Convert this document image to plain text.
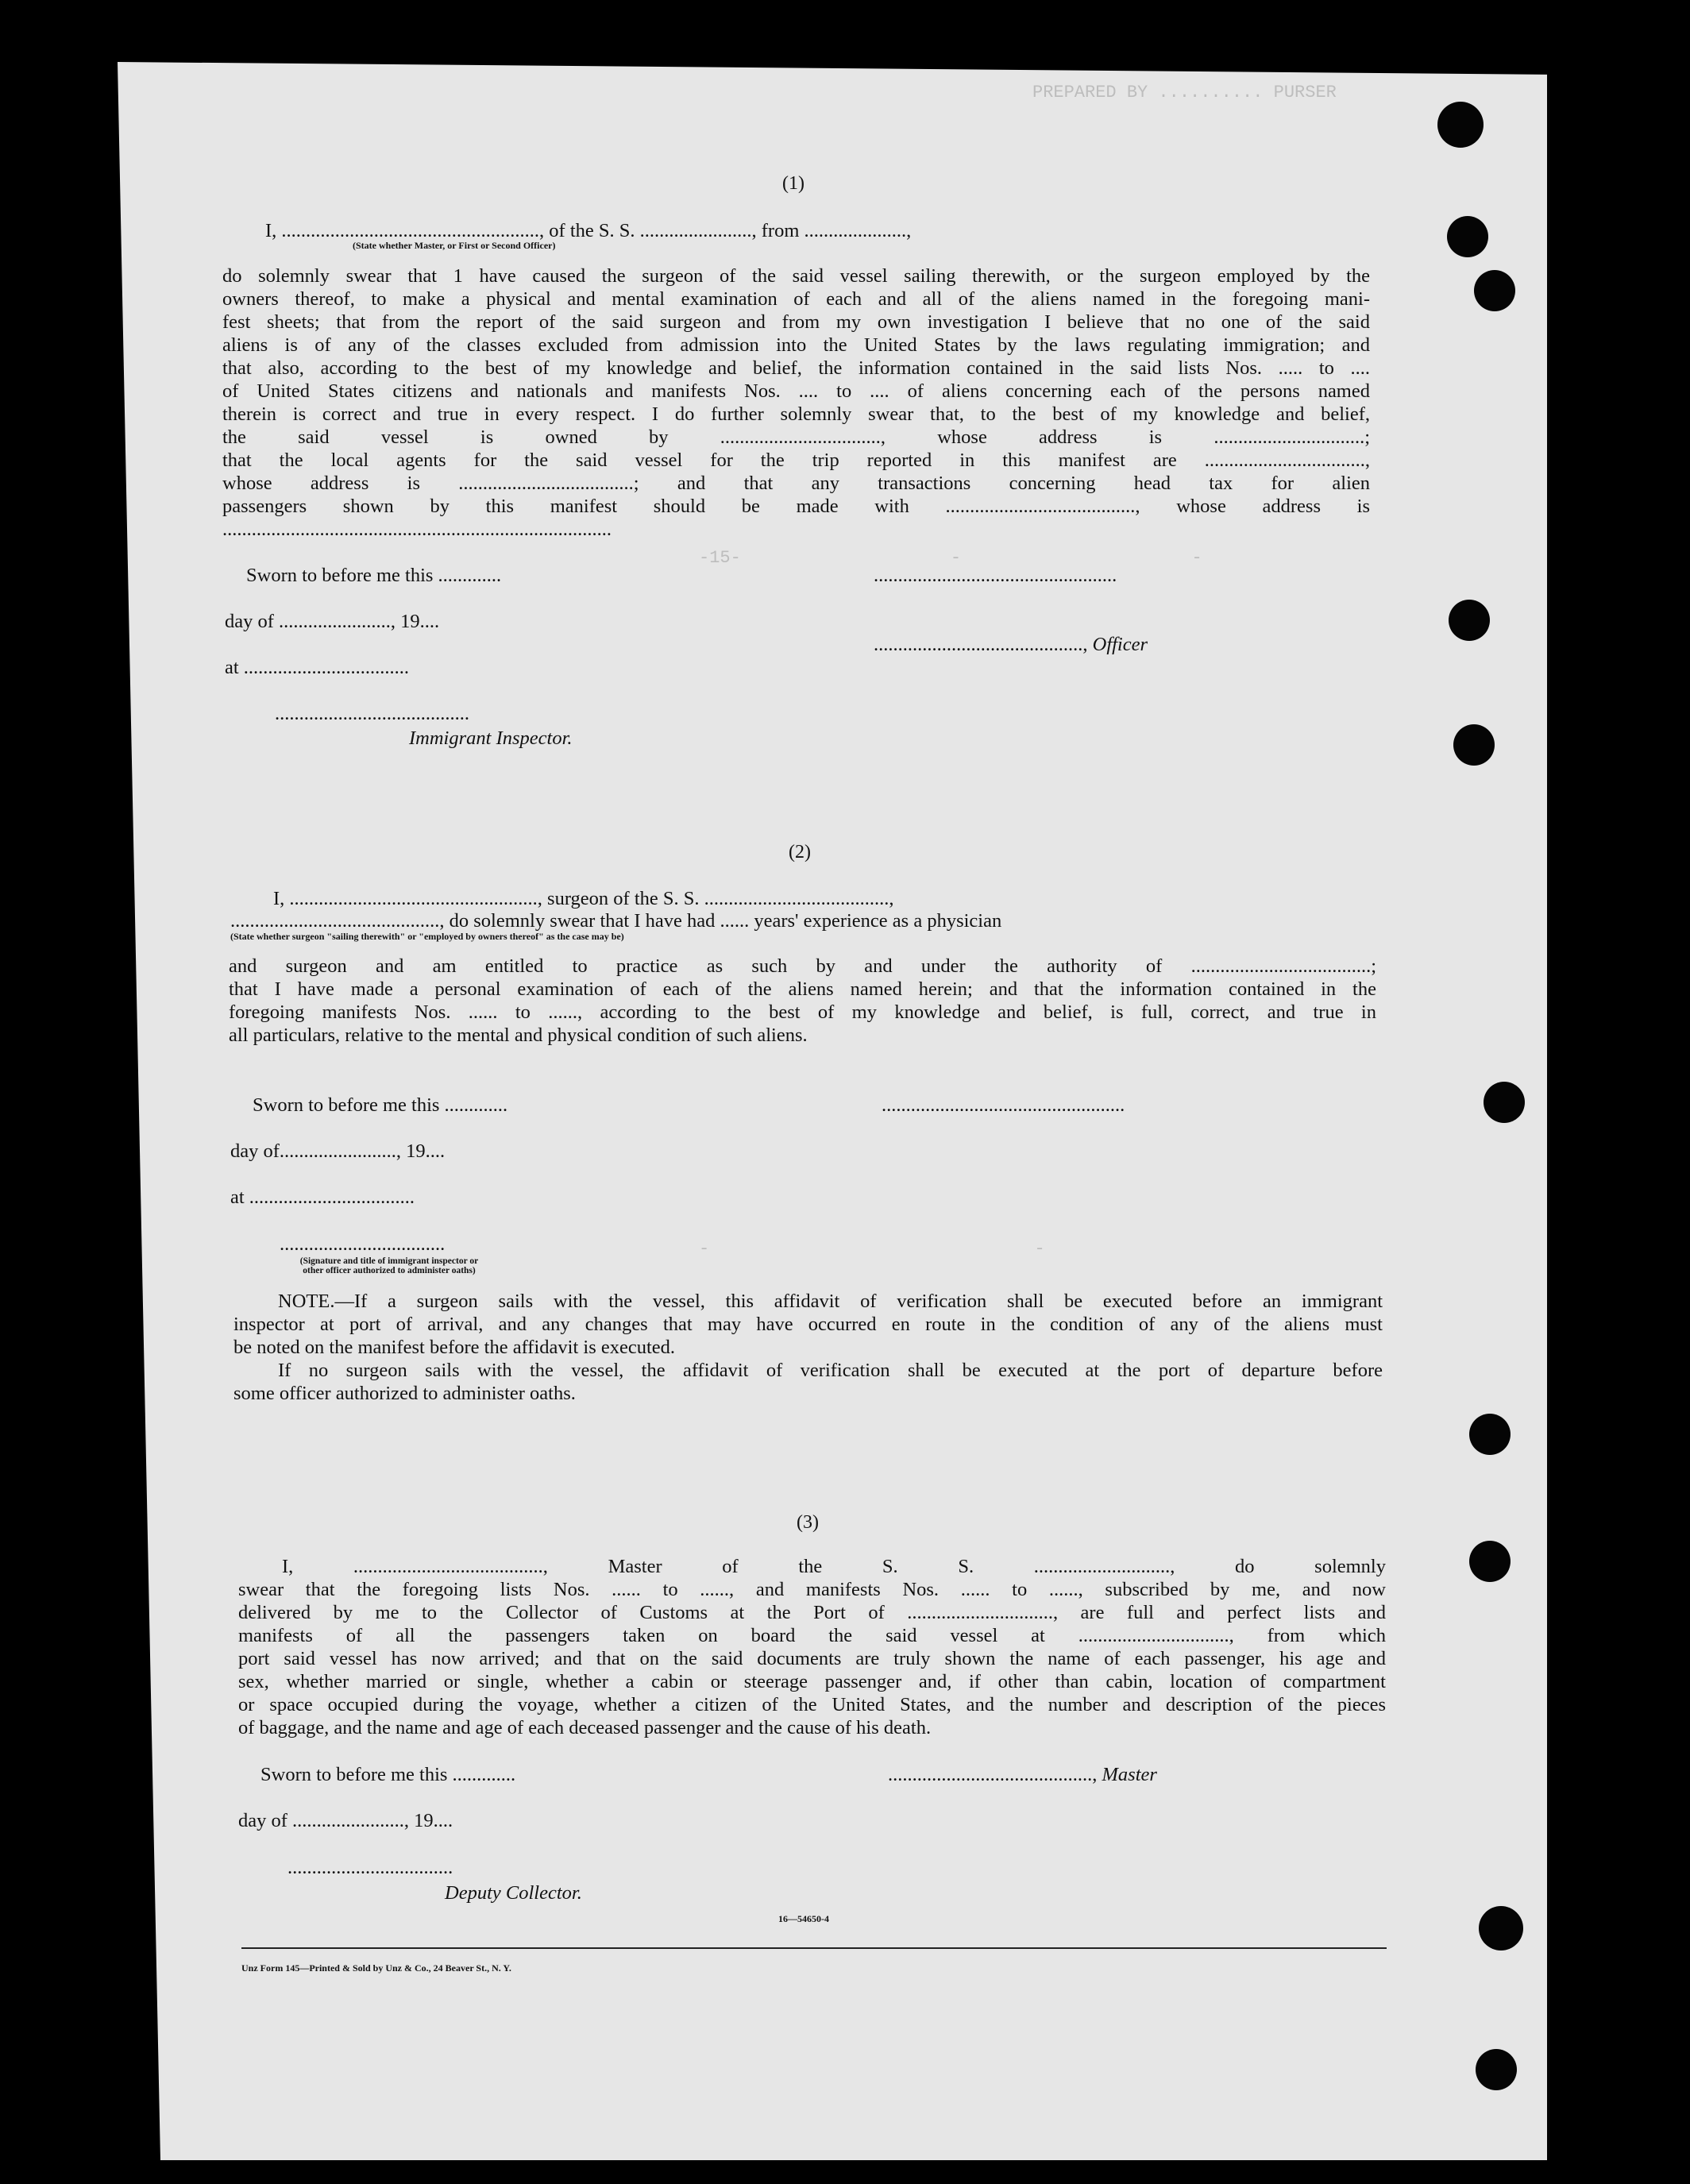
PREPARED BY .......... PURSER
-15-                    -                      -
-                               -

(1)
I, ....................................................., of the S. S. ......................., from .....................,
(State whether Master, or First or Second Officer)
do solemnly swear that 1 have caused the surgeon of the said vessel sailing therewith, or the surgeon employed by the
owners thereof, to make a physical and mental examination of each and all of the aliens named in the foregoing mani-
fest sheets; that from the report of the said surgeon and from my own investigation I believe that no one of the said
aliens is of any of the classes excluded from admission into the United States by the laws regulating immigration; and
that also, according to the best of my knowledge and belief, the information contained in the said lists Nos. ..... to ....
of United States citizens and nationals and manifests Nos. .... to .... of aliens concerning each of the persons named
therein is correct and true in every respect. I do further solemnly swear that, to the best of my knowledge and belief,
the said vessel is owned by ................................., whose address is ...............................;
that the local agents for the said vessel for the trip reported in this manifest are .................................,
whose address is ....................................; and that any transactions concerning head tax for alien
passengers shown by this manifest should be made with ......................................., whose address is
................................................................................
Sworn to before me this .............
day of ......................., 19....
at ..................................
........................................
Immigrant Inspector.
..................................................
..........................................., Officer
(2)
I, ..................................................., surgeon of the S. S. ......................................,
..........................................., do solemnly swear that I have had ...... years' experience as a physician
(State whether surgeon "sailing therewith" or "employed by owners thereof" as the case may be)
and surgeon and am entitled to practice as such by and under the authority of .....................................;
that I have made a personal examination of each of the aliens named herein; and that the information contained in the
foregoing manifests Nos. ...... to ......, according to the best of my knowledge and belief, is full, correct, and true in
all particulars, relative to the mental and physical condition of such aliens.
Sworn to before me this .............
day of........................, 19....
at ..................................
..................................
(Signature and title of immigrant inspector or
other officer authorized to administer oaths)
..................................................
NOTE.—If a surgeon sails with the vessel, this affidavit of verification shall be executed before an immigrant
inspector at port of arrival, and any changes that may have occurred en route in the condition of any of the aliens must
be noted on the manifest before the affidavit is executed.
If no surgeon sails with the vessel, the affidavit of verification shall be executed at the port of departure before
some officer authorized to administer oaths.
(3)
I, ......................................., Master of the S. S. ............................, do solemnly
swear that the foregoing lists Nos. ...... to ......, and manifests Nos. ...... to ......, subscribed by me, and now
delivered by me to the Collector of Customs at the Port of .............................., are full and perfect lists and
manifests of all the passengers taken on board the said vessel at ..............................., from which
port said vessel has now arrived; and that on the said documents are truly shown the name of each passenger, his age and
sex, whether married or single, whether a cabin or steerage passenger and, if other than cabin, location of compartment
or space occupied during the voyage, whether a citizen of the United States, and the number and description of the pieces
of baggage, and the name and age of each deceased passenger and the cause of his death.
Sworn to before me this .............
day of ......................., 19....
..................................
Deputy Collector.
.........................................., Master
16—54650-4
Unz Form 145—Printed & Sold by Unz & Co., 24 Beaver St., N. Y.
